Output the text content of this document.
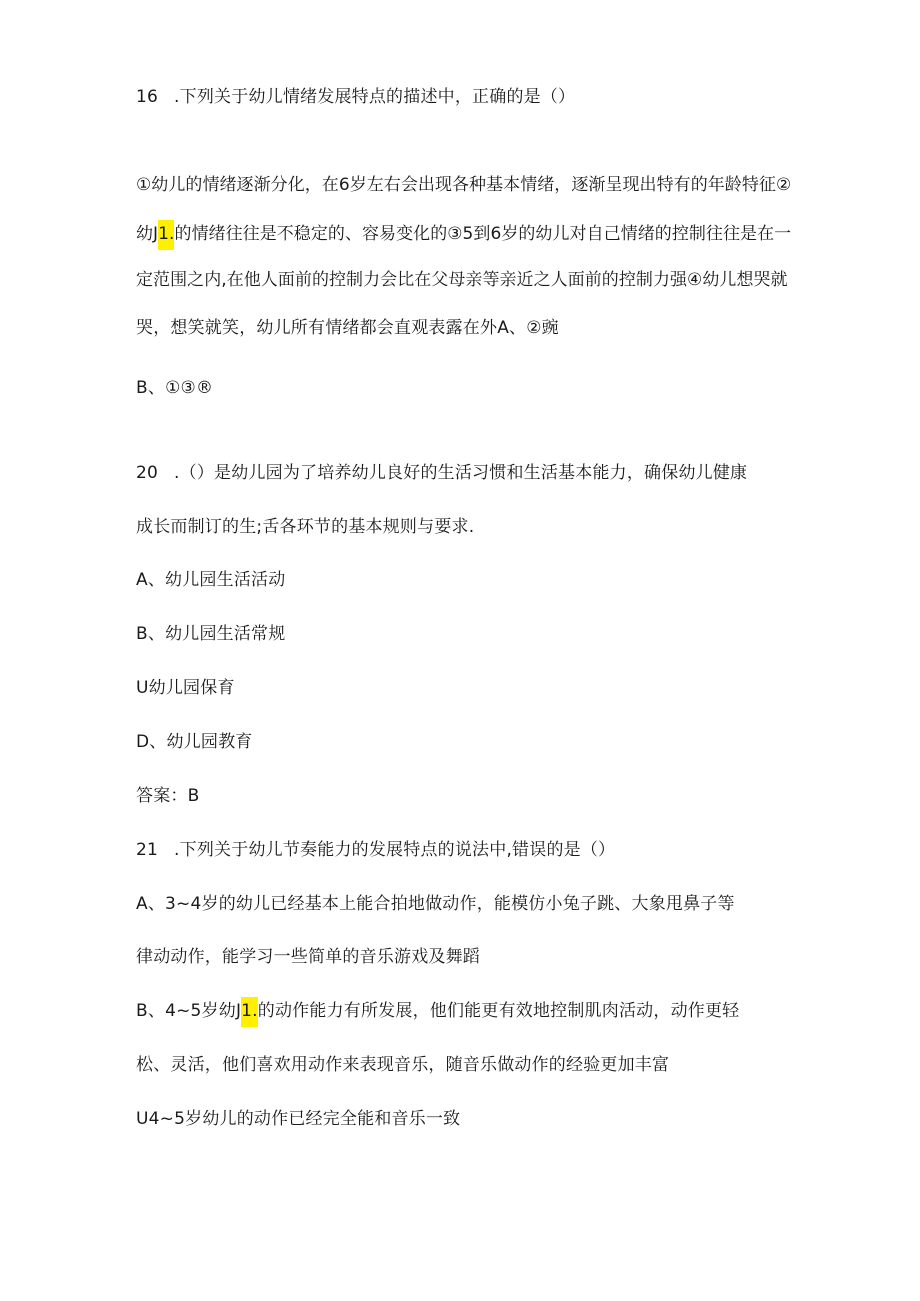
16 .下列关于幼儿情绪发展特点的描述中，正确的是（）
①幼儿的情绪逐渐分化，在6岁左右会出现各种基本情绪，逐渐呈现出特有的年龄特征②
幼J1.的情绪往往是不稳定的、容易变化的③5到6岁的幼儿对自己情绪的控制往往是在一
定范围之内,在他人面前的控制力会比在父母亲等亲近之人面前的控制力强④幼儿想哭就
哭，想笑就笑，幼儿所有情绪都会直观表露在外A、②豌
B、①③®
20 .（）是幼儿园为了培养幼儿良好的生活习惯和生活基本能力，确保幼儿健康
成长而制订的生;舌各环节的基本规则与要求.
A、幼儿园生活活动
B、幼儿园生活常规
U幼儿园保育
D、幼儿园教育
答案：B
21 .下列关于幼儿节奏能力的发展特点的说法中,错误的是（）
A、3~4岁的幼儿已经基本上能合拍地做动作，能模仿小兔子跳、大象甩鼻子等
律动动作，能学习一些简单的音乐游戏及舞蹈
B、4~5岁幼J1.的动作能力有所发展，他们能更有效地控制肌肉活动，动作更轻
松、灵活，他们喜欢用动作来表现音乐，随音乐做动作的经验更加丰富
U4~5岁幼儿的动作已经完全能和音乐一致
